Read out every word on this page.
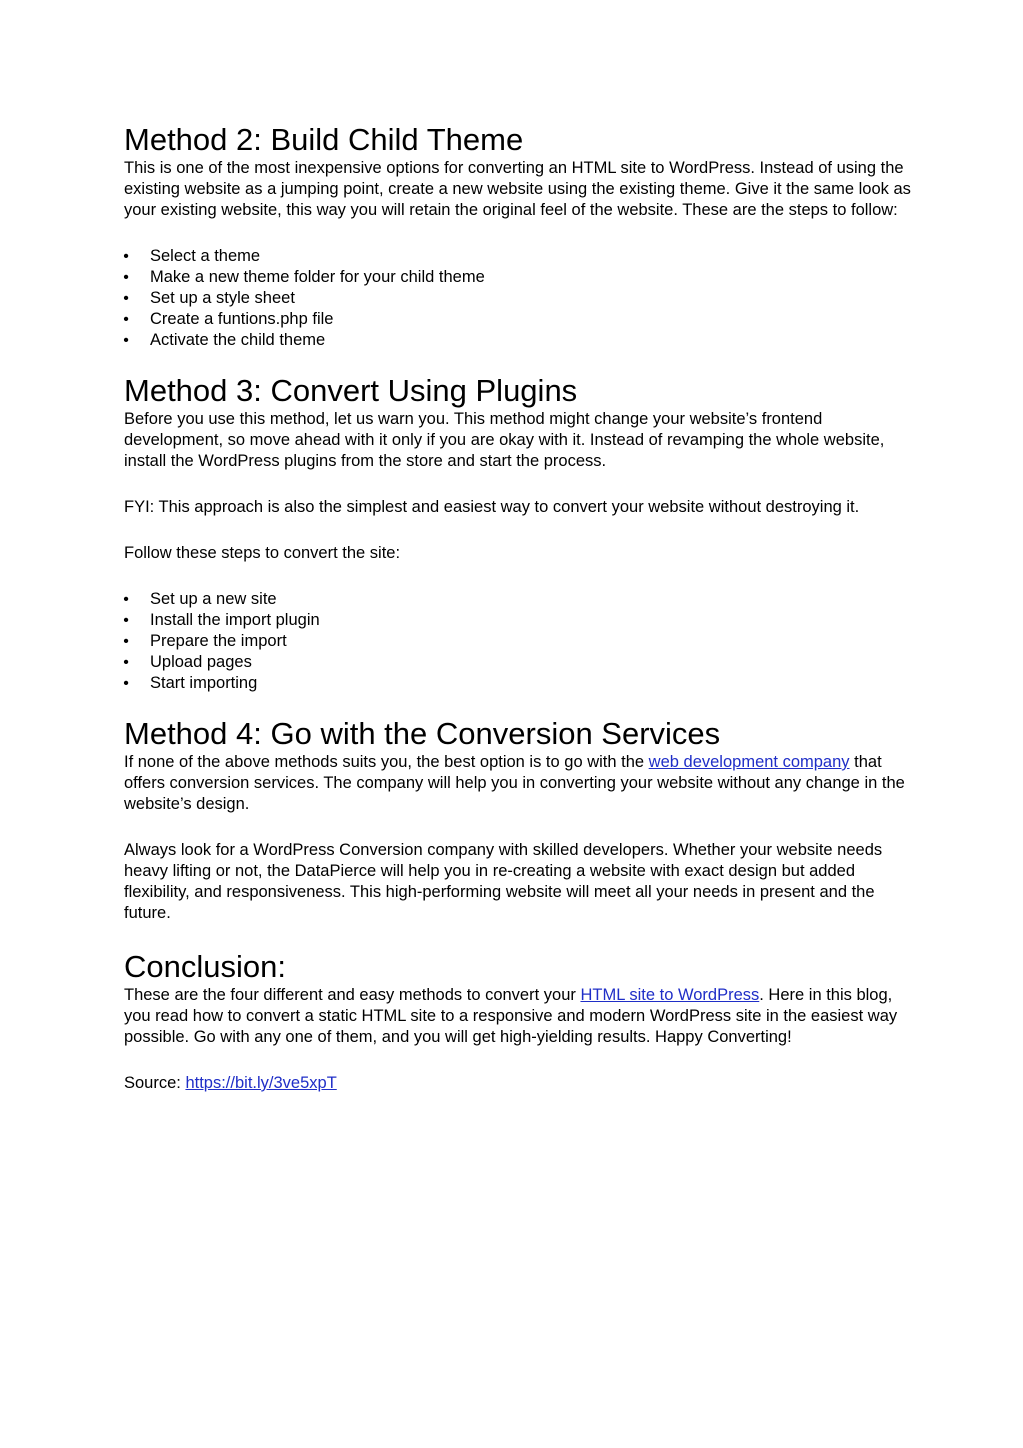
Method 2: Build Child Theme

This is one of the most inexpensive options for converting an HTML site to WordPress. Instead of using the existing website as a jumping point, create a new website using the existing theme. Give it the same look as your existing website, this way you will retain the original feel of the website. These are the steps to follow:

• Select a theme
• Make a new theme folder for your child theme
• Set up a style sheet
• Create a funtions.php file
• Activate the child theme
Method 3: Convert Using Plugins

Before you use this method, let us warn you. This method might change your website’s frontend development, so move ahead with it only if you are okay with it. Instead of revamping the whole website, install the WordPress plugins from the store and start the process.

FYI: This approach is also the simplest and easiest way to convert your website without destroying it.

Follow these steps to convert the site:

• Set up a new site
• Install the import plugin
• Prepare the import
• Upload pages
• Start importing
Method 4: Go with the Conversion Services

If none of the above methods suits you, the best option is to go with the web development company that offers conversion services. The company will help you in converting your website without any change in the website’s design.

Always look for a WordPress Conversion company with skilled developers. Whether your website needs heavy lifting or not, the DataPierce will help you in re-creating a website with exact design but added flexibility, and responsiveness. This high-performing website will meet all your needs in present and the future.

Conclusion:

These are the four different and easy methods to convert your HTML site to WordPress. Here in this blog, you read how to convert a static HTML site to a responsive and modern WordPress site in the easiest way possible. Go with any one of them, and you will get high-yielding results. Happy Converting!

Source: https://bit.ly/3ve5xpT
